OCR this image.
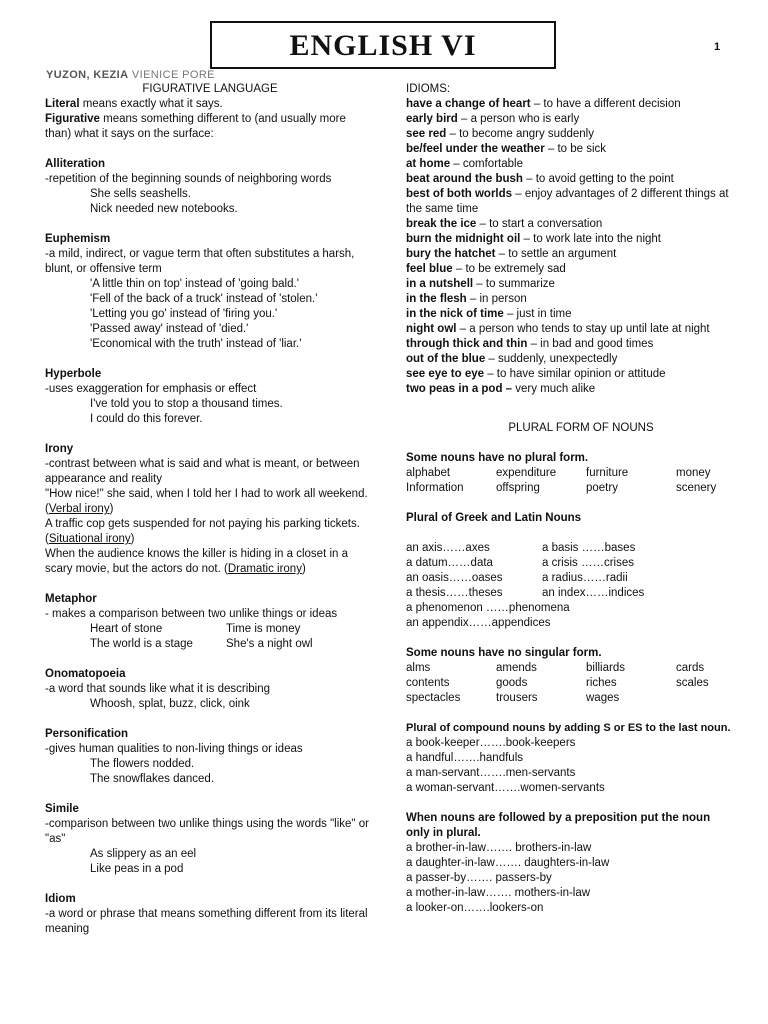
ENGLISH VI	1
YUZON, KEZIA VIENICE PORE

FIGURATIVE LANGUAGE

Literal means exactly what it says.

Figurative means something different to (and usually more than) what it says on the surface:

Alliteration

-repetition of the beginning sounds of neighboring words

She sells seashells.

Nick needed new notebooks.

Euphemism

-a mild, indirect, or vague term that often substitutes a harsh, blunt, or offensive term

'A little thin on top' instead of 'going bald.'

'Fell of the back of a truck' instead of 'stolen.'

'Letting you go' instead of 'firing you.'

'Passed away' instead of 'died.'

'Economical with the truth' instead of 'liar.'

Hyperbole

-uses exaggeration for emphasis or effect

I've told you to stop a thousand times.

I could do this forever.

Irony

-contrast between what is said and what is meant, or between appearance and reality

"How nice!" she said, when I told her I had to work all weekend. (Verbal irony)

A traffic cop gets suspended for not paying his parking tickets. (Situational irony)

When the audience knows the killer is hiding in a closet in a scary movie, but the actors do not. (Dramatic irony)

Metaphor

- makes a comparison between two unlike things or ideas

Heart of stone	Time is money
The world is a stage	She's a night owl

Onomatopoeia

-a word that sounds like what it is describing

Whoosh, splat, buzz, click, oink

Personification

-gives human qualities to non-living things or ideas

The flowers nodded.

The snowflakes danced.

Simile

-comparison between two unlike things using the words "like" or "as"

As slippery as an eel

Like peas in a pod

Idiom

-a word or phrase that means something different from its literal meaning

IDIOMS:

have a change of heart – to have a different decision

early bird – a person who is early

see red – to become angry suddenly

be/feel under the weather – to be sick

at home – comfortable

beat around the bush – to avoid getting to the point

best of both worlds – enjoy advantages of 2 different things at the same time

break the ice – to start a conversation

burn the midnight oil – to work late into the night

bury the hatchet – to settle an argument

feel blue – to be extremely sad

in a nutshell – to summarize

in the flesh – in person

in the nick of time – just in time

night owl – a person who tends to stay up until late at night

through thick and thin – in bad and good times

out of the blue – suddenly, unexpectedly

see eye to eye – to have similar opinion or attitude

two peas in a pod – very much alike

PLURAL FORM OF NOUNS

Some nouns have no plural form.

alphabet	expenditure	furniture	money
Information	offspring	poetry	scenery

Plural of Greek and Latin Nouns

an axis……axes	a basis ……bases
a datum……data	a crisis ……crises
an oasis……oases	a radius……radii
a thesis……theses	an index……indices

a phenomenon ……phenomena

an appendix……appendices

Some nouns have no singular form.

alms	amends	billiards	cards
contents	goods	riches	scales
spectacles	trousers	wages

Plural of compound nouns by adding S or ES to the last noun.

a book-keeper…….book-keepers

a handful…….handfuls

a man-servant…….men-servants

a woman-servant…….women-servants

When nouns are followed by a preposition put the noun only in plural.

a brother-in-law……. brothers-in-law

a daughter-in-law……. daughters-in-law

a passer-by……. passers-by

a mother-in-law……. mothers-in-law

a looker-on…….lookers-on
